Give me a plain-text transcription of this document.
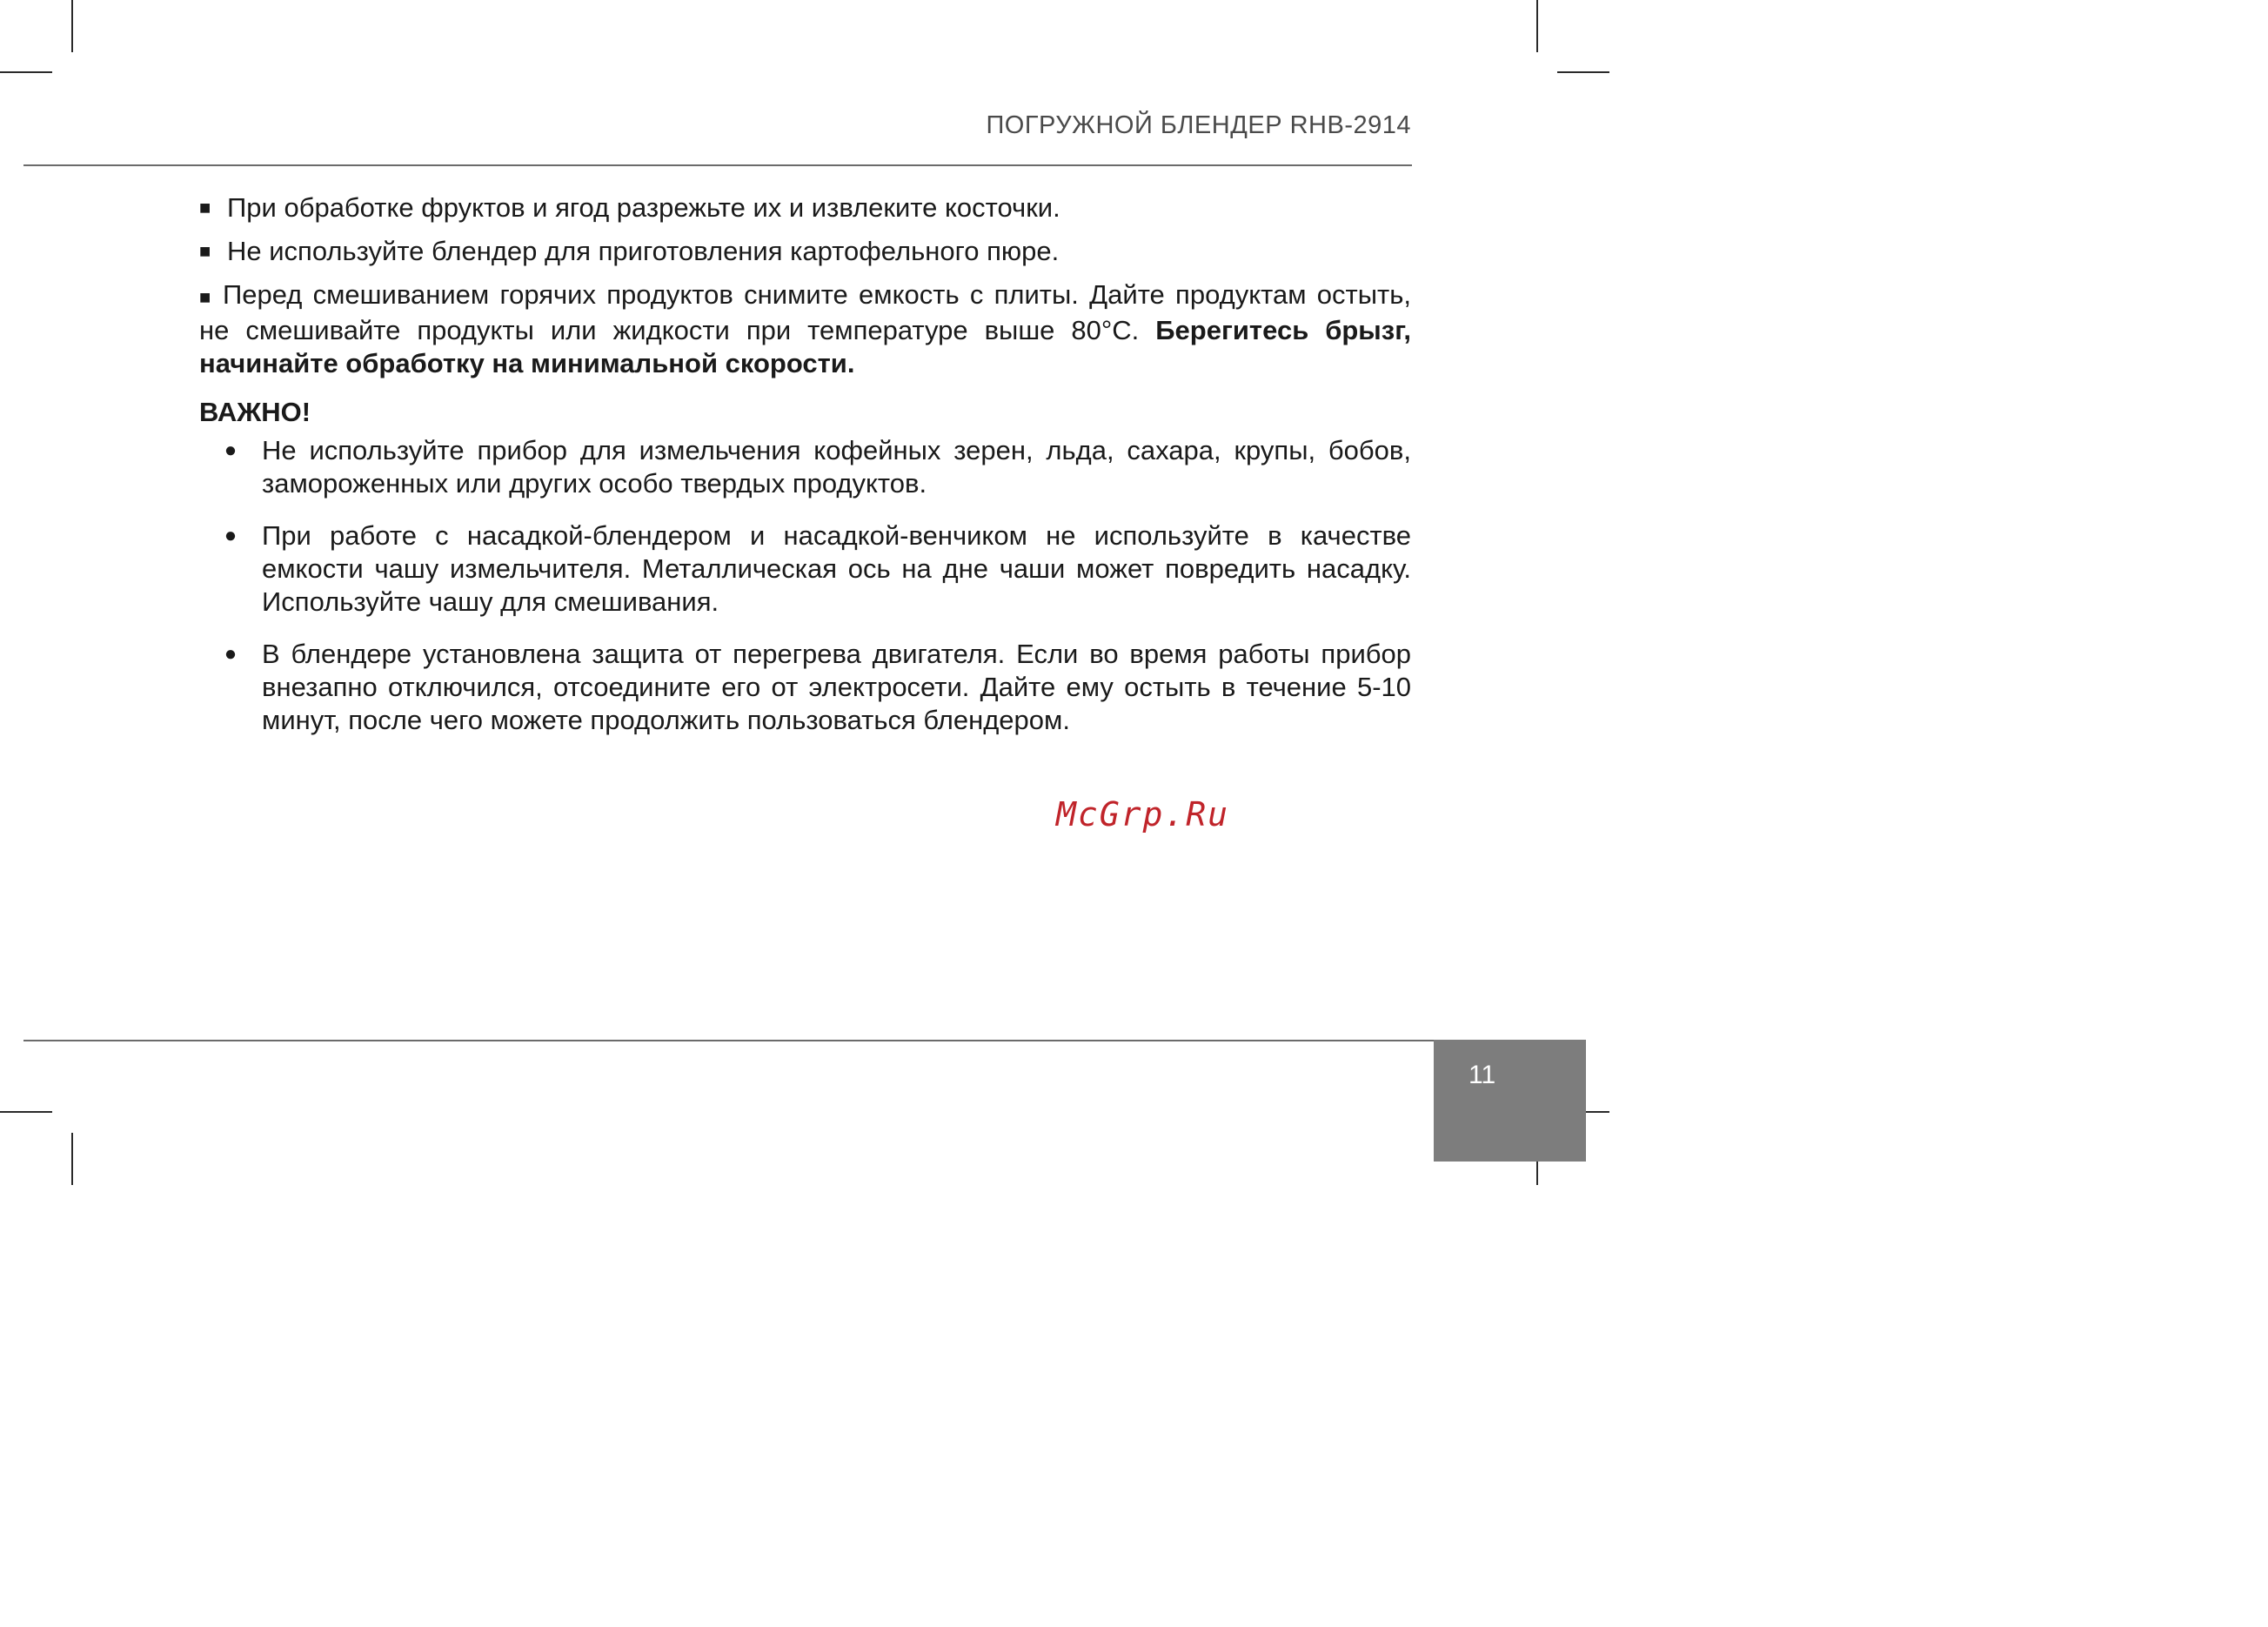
ПОГРУЖНОЙ БЛЕНДЕР RHB-2914
■ При обработке фруктов и ягод разрежьте их и извлеките косточки.
■ Не используйте блендер для приготовления картофельного пюре.
■ Перед смешиванием горячих продуктов снимите емкость с плиты. Дайте продуктам остыть, не смешивайте продукты или жидкости при температуре выше 80°C. Берегитесь брызг, начинайте обработку на минимальной скорости.
ВАЖНО!
● Не используйте прибор для измельчения кофейных зерен, льда, сахара, крупы, бобов, замороженных или других особо твердых продуктов.
● При работе с насадкой-блендером и насадкой-венчиком не используйте в качестве емкости чашу измельчителя. Металлическая ось на дне чаши может повредить насадку. Используйте чашу для смешивания.
● В блендере установлена защита от перегрева двигателя. Если во время работы прибор внезапно отключился, отсоедините его от электросети. Дайте ему остыть в течение 5-10 минут, после чего можете продолжить пользоваться блендером.
McGrp.Ru
11
